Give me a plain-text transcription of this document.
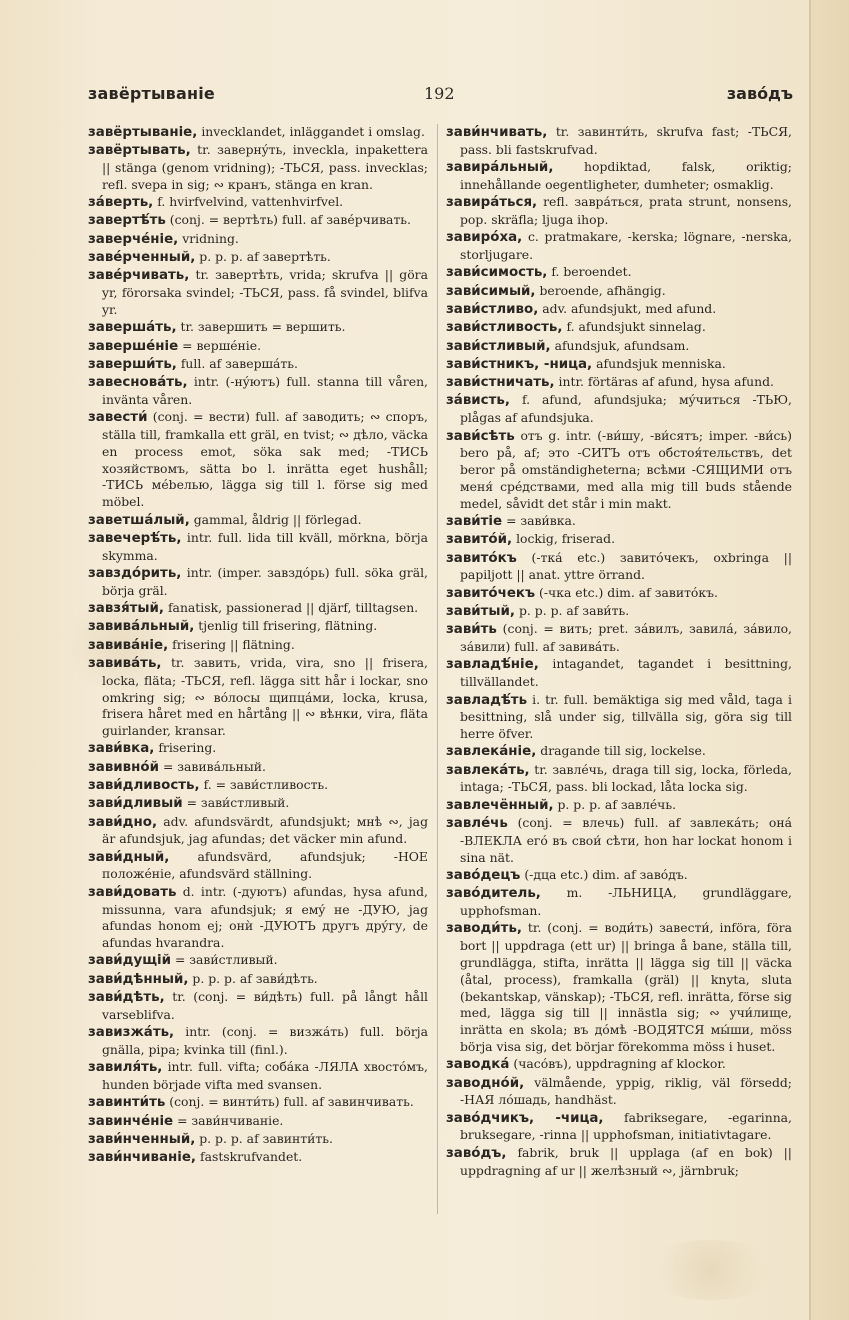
завёртываніе	192	заво́дъ

завёртываніе, invecklandet, inläggandet i omslag.

завёртывать, tr. завернýть, inveckla, inpakettera || stänga (genom vridning); -ТЬСЯ, pass. invecklas; refl. svepa in sig; ∾ кранъ, stänga en kran.

за́верть, f. hvirfvelvind, vattenhvirfvel.

завертѣ́ть (conj. = вертѣть) full. af завéрчивать.

заверчéніе, vridning.

завéрченный, p. p. p. af завертѣть.

завéрчивать, tr. завертѣть, vrida; skrufva || göra yr, förorsaka svindel; -ТЬСЯ, pass. få svindel, blifva yr.

заверша́ть, tr. завершить = вершить.

завершéніе = вершéніе.

заверши́ть, full. af заверша́ть.

завесновáть, intr. (-нýютъ) full. stanna till våren, invänta våren.

завести́ (conj. = вести) full. af заводить; ∾ споръ, ställa till, framkalla ett gräl, en tvist; ∾ дѣло, väcka en process emot, söka sak med; -ТИСЬ хозяйствомъ, sätta bo l. inrätta eget hushåll; -ТИСЬ мébелью, lägga sig till l. förse sig med möbel.

заветша́лый, gammal, åldrig || förlegad.

завечерѣ́ть, intr. full. lida till kväll, mörkna, börja skymma.

завздóрить, intr. (imper. завздóрь) full. söka gräl, börja gräl.

завзя́тый, fanatisk, passionerad || djärf, tilltagsen.

завивáльный, tjenlig till frisering, flätning.

завивáніе, frisering || flätning.

завивáть, tr. завить, vrida, vira, sno || frisera, locka, fläta; -ТЬСЯ, refl. lägga sitt hår i lockar, sno omkring sig; ∾ вóлосы щипцáми, locka, krusa, frisera håret med en hårtång || ∾ вѣнки, vira, fläta guirlander, kransar.

зави́вка, frisering.

завивнóй = завивáльный.

зави́дливость, f. = зави́стливость.

зави́дливый = зави́стливый.

зави́дно, adv. afundsvärdt, afundsjukt; мнѣ ∾, jag är afundsjuk, jag afundas; det väcker min afund.

зави́дный, afundsvärd, afundsjuk; -НОЕ положéніе, afundsvärd ställning.

зави́довать d. intr. (-дуютъ) afundas, hysa afund, missunna, vara afundsjuk; я емý не -ДУЮ, jag afundas honom ej; онѝ -ДУЮТЪ другъ дрýгу, de afundas hvarandra.

зави́дущій = зави́стливый.

зави́дѣнный, p. p. p. af зави́дѣть.

зави́дѣть, tr. (conj. = ви́дѣть) full. på långt håll varseblifva.

завизжáть, intr. (conj. = визжáть) full. börja gnälla, pipa; kvinka till (finl.).

завиля́ть, intr. full. vifta; собáка -ЛЯЛА хвостóмъ, hunden började vifta med svansen.

завинти́ть (conj. = винти́ть) full. af завинчивать.

завинчéніе = зави́нчиваніе.

зави́нченный, p. p. p. af завинти́ть.

зави́нчиваніе, fastskrufvandet.

зави́нчивать, tr. завинти́ть, skrufva fast; -ТЬСЯ, pass. bli fastskrufvad.

завирáльный, hopdiktad, falsk, oriktig; innehållande oegentligheter, dumheter; osmaklig.

завирáться, refl. завра́ться, prata strunt, nonsens, pop. skräfla; ljuga ihop.

завирóха, c. pratmakare, -kerska; lögnare, -nerska, storljugare.

зави́симость, f. beroendet.

зави́симый, beroende, afhängig.

зави́стливо, adv. afundsjukt, med afund.

зави́стливость, f. afundsjukt sinnelag.

зави́стливый, afundsjuk, afundsam.

зави́стникъ, -ница, afundsjuk menniska.

зави́стничать, intr. förtäras af afund, hysa afund.

зáвисть, f. afund, afundsjuka; мýчиться -ТЬЮ, plågas af afundsjuka.

зави́сѣть отъ g. intr. (-ви́шу, -ви́сятъ; imper. -ви́сь) bero på, af; это -СИТЪ отъ обстоя́тельствъ, det beror på omständigheterna; всѣми -СЯЩИМИ отъ меня́ срéдствами, med alla mig till buds stående medel, såvidt det står i min makt.

зави́тіе = зави́вка.

завитóй, lockig, friserad.

завитóкъ (-тка́ etc.) завитóчекъ, oxbringa || papiljott || anat. yttre örrand.

завитóчекъ (-чка etc.) dim. af завитóкъ.

зави́тый, p. p. p. af зави́ть.

зави́ть (conj. = вить; pret. зáвилъ, завилá, зáвило, зáвили) full. af завивáть.

завладѣ́ніе, intagandet, tagandet i besittning, tillvällandet.

завладѣ́ть i. tr. full. bemäktiga sig med våld, taga i besittning, slå under sig, tillvälla sig, göra sig till herre öfver.

завлекáніе, dragande till sig, lockelse.

завлекáть, tr. завлéчь, draga till sig, locka, förleda, intaga; -ТЬСЯ, pass. bli lockad, låta locka sig.

завлечённый, p. p. p. af завлéчь.

завлéчь (conj. = влечь) full. af завлекáть; онá -ВЛЕКЛА егó въ свои́ сѣти, hon har lockat honom i sina nät.

завóдецъ (-дца etc.) dim. af завóдъ.

завóдитель, m. -ЛЬНИЦА, grundläggare, upphofsman.

заводи́ть, tr. (conj. = води́ть) завести́, införa, föra bort || uppdraga (ett ur) || bringa å bane, ställa till, grundlägga, stifta, inrätta || lägga sig till || väcka (åtal, process), framkalla (gräl) || knyta, sluta (bekantskap, vänskap); -ТЬСЯ, refl. inrätta, förse sig med, lägga sig till || innästla sig; ∾ учи́лище, inrätta en skola; въ дóмѣ -ВОДЯТСЯ мы́ши, möss börja visa sig, det börjar förekomma möss i huset.

заводкá (часóвъ), uppdragning af klockor.

заводнóй, välmående, yppig, riklig, väl försedd; -НАЯ лóшадь, handhäst.

завóдчикъ, -чица, fabriksegare, -egarinna, bruksegare, -rinna || upphofsman, initiativtagare.

завóдъ, fabrik, bruk || upplaga (af en bok) || uppdragning af ur || желѣзный ∾, järnbruk;
